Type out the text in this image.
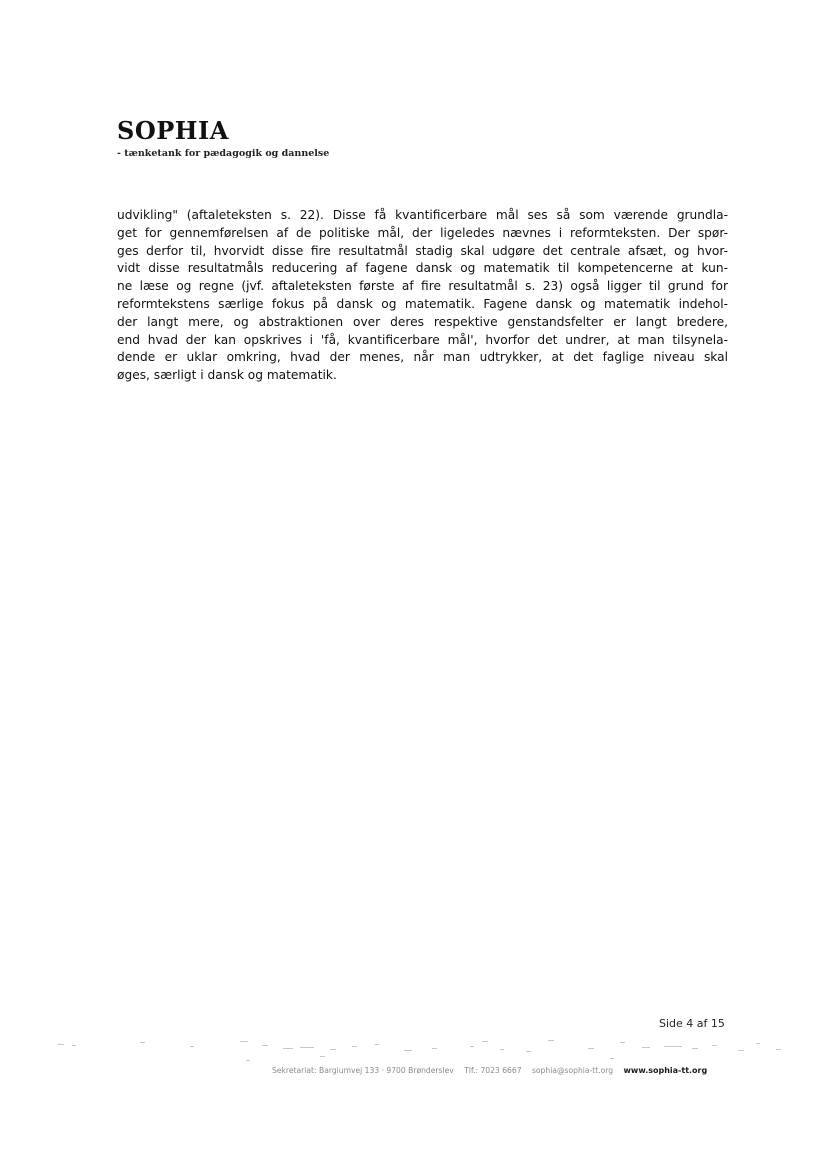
SOPHIA
- tænketank for pædagogik og dannelse
udvikling" (aftaleteksten s. 22). Disse få kvantificerbare mål ses så som værende grundla-
get for gennemførelsen af de politiske mål, der ligeledes nævnes i reformteksten. Der spør-
ges derfor til, hvorvidt disse fire resultatmål stadig skal udgøre det centrale afsæt, og hvor-
vidt disse resultatmåls reducering af fagene dansk og matematik til kompetencerne at kun-
ne læse og regne (jvf. aftaleteksten første af fire resultatmål s. 23) også ligger til grund for
reformtekstens særlige fokus på dansk og matematik. Fagene dansk og matematik indehol-
der langt mere, og abstraktionen over deres respektive genstandsfelter er langt bredere,
end hvad der kan opskrives i 'få, kvantificerbare mål', hvorfor det undrer, at man tilsynela-
dende er uklar omkring, hvad der menes, når man udtrykker, at det faglige niveau skal
øges, særligt i dansk og matematik.
Side 4 af 15
Sekretariat: Bargiumvej 133 · 9700 Brønderslev Tlf.: 7023 6667 sophia@sophia-tt.org www.sophia-tt.org
